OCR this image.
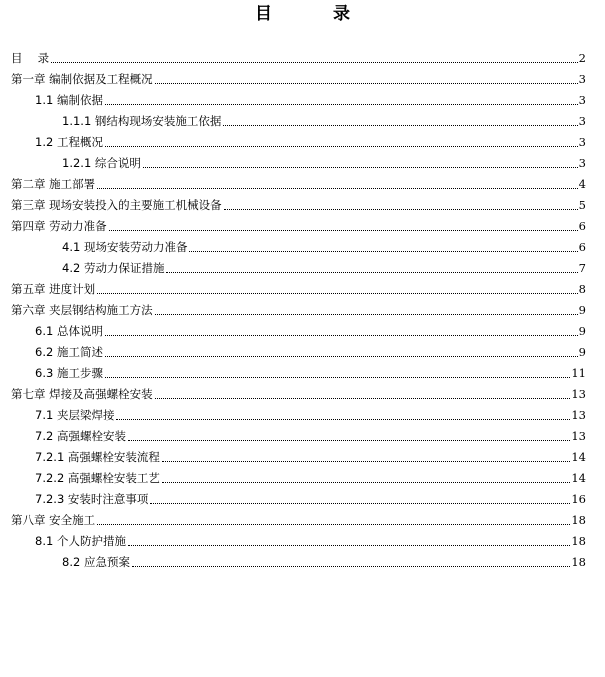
目　录
目　 录	2
第一章 编制依据及工程概况	3
1.1 编制依据	3
1.1.1 钢结构现场安装施工依据	3
1.2 工程概况	3
1.2.1 综合说明	3
第二章 施工部署	4
第三章 现场安装投入的主要施工机械设备	5
第四章 劳动力准备	6
4.1 现场安装劳动力准备	6
4.2 劳动力保证措施	7
第五章 进度计划	8
第六章 夹层钢结构施工方法	9
6.1 总体说明	9
6.2 施工简述	9
6.3 施工步骤	11
第七章 焊接及高强螺栓安装	13
7.1 夹层梁焊接	13
7.2 高强螺栓安装	13
7.2.1 高强螺栓安装流程	14
7.2.2 高强螺栓安装工艺	14
7.2.3 安装时注意事项	16
第八章 安全施工	18
8.1 个人防护措施	18
8.2 应急预案	18
